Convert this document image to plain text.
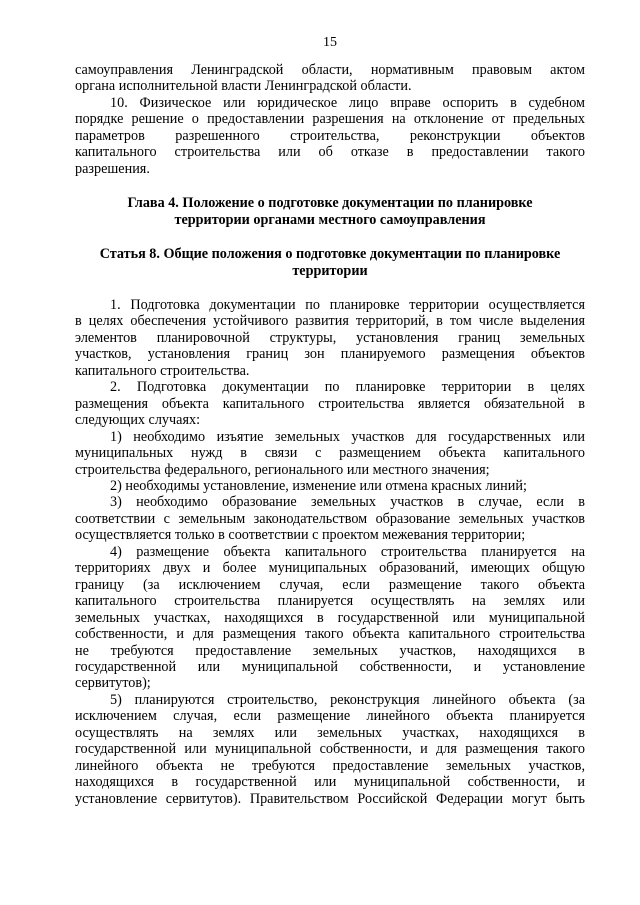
15

самоуправления Ленинградской области, нормативным правовым актом

органа исполнительной власти Ленинградской области.

10. Физическое или юридическое лицо вправе оспорить в судебном

порядке решение о предоставлении разрешения на отклонение от предельных

параметров разрешенного строительства, реконструкции объектов

капитального строительства или об отказе в предоставлении такого

разрешения.

Глава 4. Положение о подготовке документации по планировке
территории органами местного самоуправления
Статья 8. Общие положения о подготовке документации по планировке
территории

1. Подготовка документации по планировке территории осуществляется

в целях обеспечения устойчивого развития территорий, в том числе выделения

элементов планировочной структуры, установления границ земельных

участков, установления границ зон планируемого размещения объектов

капитального строительства.

2. Подготовка документации по планировке территории в целях

размещения объекта капитального строительства является обязательной в

следующих случаях:

1) необходимо изъятие земельных участков для государственных или

муниципальных нужд в связи с размещением объекта капитального

строительства федерального, регионального или местного значения;

2) необходимы установление, изменение или отмена красных линий;

3) необходимо образование земельных участков в случае, если в

соответствии с земельным законодательством образование земельных участков

осуществляется только в соответствии с проектом межевания территории;

4) размещение объекта капитального строительства планируется на

территориях двух и более муниципальных образований, имеющих общую

границу (за исключением случая, если размещение такого объекта

капитального строительства планируется осуществлять на землях или

земельных участках, находящихся в государственной или муниципальной

собственности, и для размещения такого объекта капитального строительства

не требуются предоставление земельных участков, находящихся в

государственной или муниципальной собственности, и установление

сервитутов);

5) планируются строительство, реконструкция линейного объекта (за

исключением случая, если размещение линейного объекта планируется

осуществлять на землях или земельных участках, находящихся в

государственной или муниципальной собственности, и для размещения такого

линейного объекта не требуются предоставление земельных участков,

находящихся в государственной или муниципальной собственности, и

установление сервитутов). Правительством Российской Федерации могут быть
